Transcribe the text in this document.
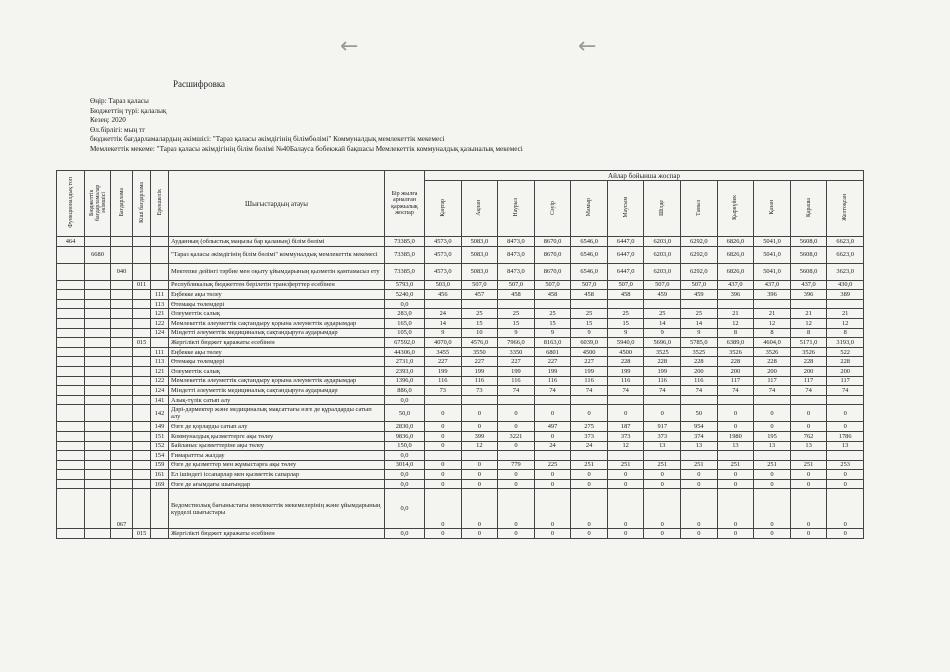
←	←
Расшифровка
Өңір: Тараз қаласы
Бюджеттің түрі: қалалық
Кезең: 2020
Өл.бірлігі: мың тг
бюджеттік бағдарламалардың әкімшісі: "Тараз қаласы әкімдігінің білімбөлімі" Коммуналдық мемлекеттік мекемесі
Мемлекеттік мекеме: "Тараз қаласы әкімдігінің білім бөлімі №40Балауса бобекжай бақшасы Мемлекеттік коммуналдық қазыналық мекемесі
Функционалдық топ	Бюджеттік бағдарламалар әкімшісі	Бағдарлама	Кіші бағдарлама	Ерекшелік	Шығыстардың атауы	Бір жылға арналған қаржылық жоспар	Айлар бойынша жоспар											
							Қаңтар	Ақпан	Наурыз	Сәуір	Мамыр	Маусым	Шілде	Тамыз	Қыркүйек	Қазан	Қараша	Желтоқсан
464					Ауданның (облыстық маңызы бар қаланың) білім бөлімі	73385,0	4573,0	5083,0	8473,0	8670,0	6546,0	6447,0	6203,0	6292,0	6826,0	5041,0	5608,0	6623,0
	6680				"Тараз қаласы әкімдігінің білім бөлімі" коммуналдық мемлекеттік мекемесі	73385,0	4573,0	5083,0	8473,0	8670,0	6546,0	6447,0	6203,0	6292,0	6826,0	5041,0	5608,0	6623,0
		040			Мектепке дейінгі тәрбие мен оқыту ұйымдарының қызметін қамтамасыз ету	73385,0	4573,0	5083,0	8473,0	8670,0	6546,0	6447,0	6203,0	6292,0	6826,0	5041,0	5608,0	3623,0
			011		Республикалық бюджеттен берілетін трансферттер есебінен	5793,0	503,0	507,0	507,0	507,0	507,0	507,0	507,0	507,0	437,0	437,0	437,0	430,0
				111	Еңбекке ақы төлеу	5240,0	456	457	458	458	458	458	459	459	396	396	396	389
				113	Өтемақы төлемдері	0,0												
				121	Әлеуметтік салық	283,0	24	25	25	25	25	25	25	25	21	21	21	21
				122	Мемлекеттік әлеуметтік сақтандыру қорына әлеуметтік аударымдар	165,0	14	15	15	15	15	15	14	14	12	12	12	12
				124	Міндетті әлеуметтік медициналық сақтандыруға аударымдар	105,0	9	10	9	9	9	9	9	9	8	8	8	8
			015		Жергілікті бюджет қаражаты есебінен	67592,0	4070,0	4576,0	7966,0	8163,0	6039,0	5940,0	5696,0	5785,0	6389,0	4604,0	5171,0	3193,0
				111	Еңбекке ақы төлеу	44306,0	3455	3550	3350	6801	4500	4500	3525	3525	3526	3526	3526	522
				113	Өтемақы төлемдері	2731,0	227	227	227	227	227	228	228	228	228	228	228	228
				121	Әлеуметтік салық	2393,0	199	199	199	199	199	199	199	200	200	200	200	200
				122	Мемлекеттік әлеуметтік сақтандыру қорына әлеуметтік аударымдар	1396,0	116	116	116	116	116	116	116	116	117	117	117	117
				124	Міндетті әлеуметтік медициналық сақтандыруға аударымдар	886,0	73	73	74	74	74	74	74	74	74	74	74	74
				141	Азық-түлік сатып алу	0,0												
				142	Дәрі-дәрмектер және медициналық мақсаттағы өзге де құралдарды сатып алу	50,0	0	0	0	0	0	0	0	50	0	0	0	0
				149	Өзге де қорларды сатып алу	2830,0	0	0	0	497	275	187	917	954	0	0	0	0
				151	Коммуналдық қызметтерге ақы төлеу	9836,0	0	399	3221	0	373	373	373	374	1980	195	762	1786
				152	Байланыс қызметтеріне ақы төлеу	150,0	0	12	0	24	24	12	13	13	13	13	13	13
				154	Ғимараттты жалдау	0,0												
				159	Өзге де қызметтер мен жұмыстарға ақы төлеу	3014,0	0	0	779	225	251	251	251	251	251	251	251	253
				161	Ел ішіндегі іссапарлар мен қызметтік сапарлар	0,0	0	0	0	0	0	0	0	0	0	0	0	0
				169	Өзге де ағымдағы шығындар	0,0	0	0	0	0	0	0	0	0	0	0	0	0
		067			Ведомстволық бағыныстағы мемлекеттік мекемелерінің және ұйымдарының күрделі шығыстары	0,0	0	0	0	0	0	0	0	0	0	0	0	0
			015		Жергілікті бюджет қаражаты есебінен	0,0	0	0	0	0	0	0	0	0	0	0	0	0
